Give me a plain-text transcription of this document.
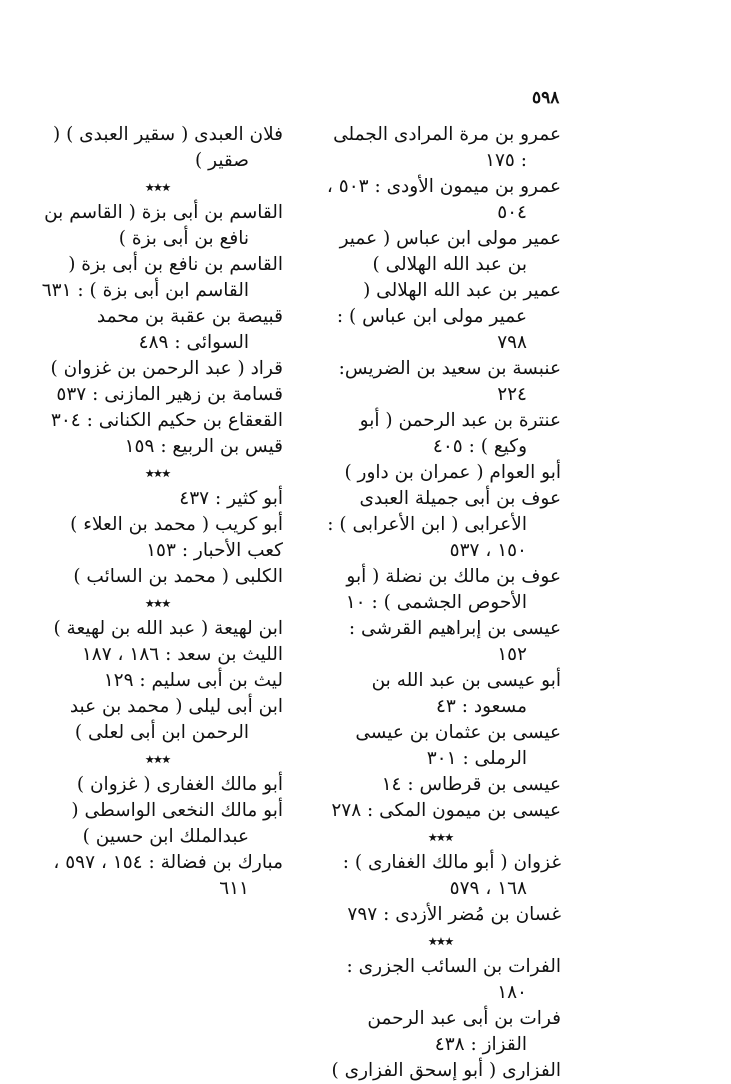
٥٩٨
عمرو بن مرة المرادى الجملى : ١٧٥
عمرو بن ميمون الأودى : ٥٠٣ ، ٥٠٤
عمير مولى ابن عباس ( عمير بن عبد الله الهلالى )
عمير بن عبد الله الهلالى ( عمير مولى ابن عباس ) : ٧٩٨
عنبسة بن سعيد بن الضريس: ٢٢٤
عنترة بن عبد الرحمن ( أبو وكيع ) : ٤٠٥
أبو العوام ( عمران بن داور )
عوف بن أبى جميلة العبدى الأعرابى ( ابن الأعرابى ) : ١٥٠ ، ٥٣٧
عوف بن مالك بن نضلة ( أبو الأحوص الجشمى ) : ١٠
عيسى بن إبراهيم القرشى : ١٥٢
أبو عيسى بن عبد الله بن مسعود : ٤٣
عيسى بن عثمان بن عيسى الرملى : ٣٠١
عيسى بن قرطاس : ١٤
عيسى بن ميمون المكى : ٢٧٨
٭٭٭
غزوان ( أبو مالك الغفارى ) : ١٦٨ ، ٥٧٩
غسان بن مُضر الأزدى : ٧٩٧
٭٭٭
الفرات بن السائب الجزرى : ١٨٠
فرات بن أبى عبد الرحمن القزاز : ٤٣٨
الفزارى ( أبو إسحق الفزارى )
فلان العبدى ( سقير العبدى ) ( صقير )
٭٭٭
القاسم بن أبى بزة ( القاسم بن نافع بن أبى بزة )
القاسم بن نافع بن أبى بزة ( القاسم ابن أبى بزة ) : ٦٣١
قبيصة بن عقبة بن محمد السوائى : ٤٨٩
قراد ( عبد الرحمن بن غزوان )
قسامة بن زهير المازنى : ٥٣٧
القعقاع بن حكيم الكنانى : ٣٠٤
قيس بن الربيع : ١٥٩
٭٭٭
أبو كثير : ٤٣٧
أبو كريب ( محمد بن العلاء )
كعب الأحبار : ١٥٣
الكلبى ( محمد بن السائب )
٭٭٭
ابن لهيعة ( عبد الله بن لهيعة )
الليث بن سعد : ١٨٦ ، ١٨٧
ليث بن أبى سليم : ١٢٩
ابن أبى ليلى ( محمد بن عبد الرحمن ابن أبى لعلى )
٭٭٭
أبو مالك الغفارى ( غزوان )
أبو مالك النخعى الواسطى ( عبدالملك ابن حسين )
مبارك بن فضالة : ١٥٤ ، ٥٩٧ ، ٦١١
